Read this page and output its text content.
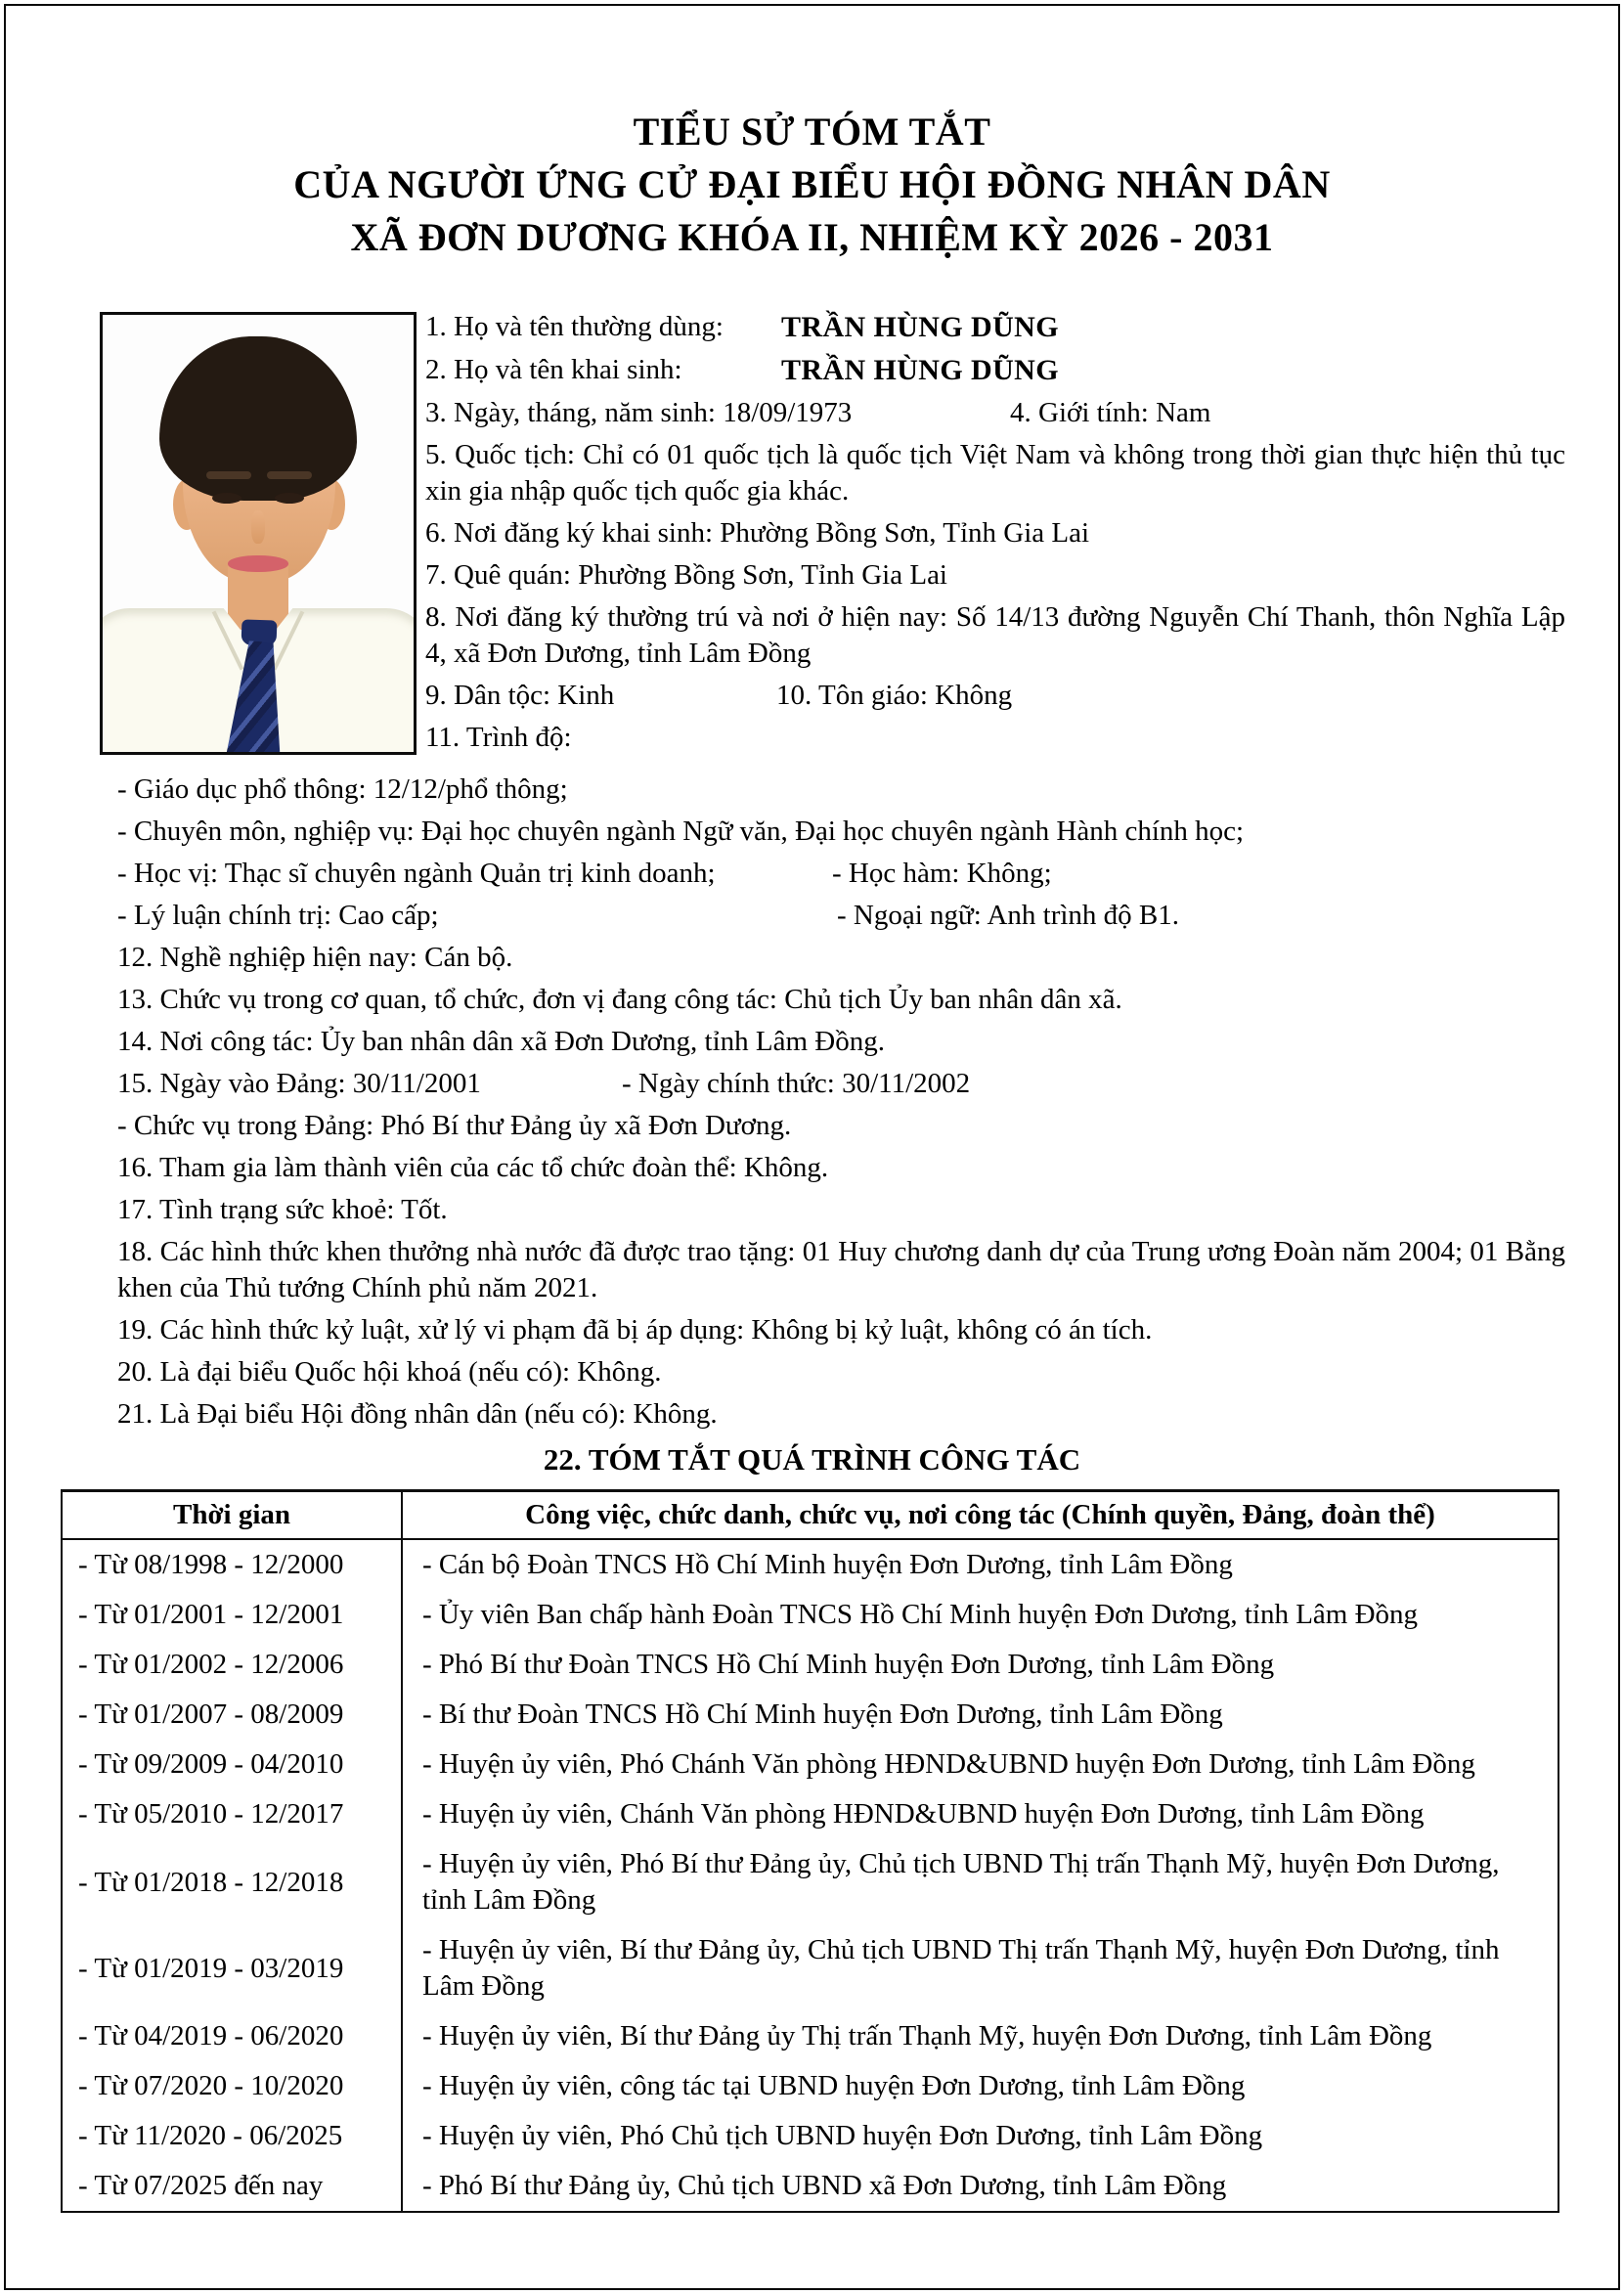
TIỂU SỬ TÓM TẮT
CỦA NGƯỜI ỨNG CỬ ĐẠI BIỂU HỘI ĐỒNG NHÂN DÂN
XÃ ĐƠN DƯƠNG KHÓA II, NHIỆM KỲ 2026 - 2031

1. Họ và tên thường dùng: TRẦN HÙNG DŨNG

2. Họ và tên khai sinh:	TRẦN HÙNG DŨNG

3. Ngày, tháng, năm sinh: 18/09/1973	4. Giới tính: Nam

5. Quốc tịch: Chỉ có 01 quốc tịch là quốc tịch Việt Nam và không trong thời gian thực hiện thủ tục xin gia nhập quốc tịch quốc gia khác.

6. Nơi đăng ký khai sinh: Phường Bồng Sơn, Tỉnh Gia Lai

7. Quê quán: Phường Bồng Sơn, Tỉnh Gia Lai

8. Nơi đăng ký thường trú và nơi ở hiện nay: Số 14/13 đường Nguyễn Chí Thanh, thôn Nghĩa Lập 4, xã Đơn Dương, tỉnh Lâm Đồng

9. Dân tộc: Kinh	10. Tôn giáo: Không

11. Trình độ:

- Giáo dục phổ thông: 12/12/phổ thông;

- Chuyên môn, nghiệp vụ: Đại học chuyên ngành Ngữ văn, Đại học chuyên ngành Hành chính học;

- Học vị: Thạc sĩ chuyên ngành Quản trị kinh doanh;	- Học hàm: Không;

- Lý luận chính trị: Cao cấp;	- Ngoại ngữ: Anh trình độ B1.

12. Nghề nghiệp hiện nay: Cán bộ.

13. Chức vụ trong cơ quan, tổ chức, đơn vị đang công tác: Chủ tịch Ủy ban nhân dân xã.

14. Nơi công tác: Ủy ban nhân dân xã Đơn Dương, tỉnh Lâm Đồng.

15. Ngày vào Đảng: 30/11/2001	- Ngày chính thức: 30/11/2002

- Chức vụ trong Đảng: Phó Bí thư Đảng ủy xã Đơn Dương.

16. Tham gia làm thành viên của các tổ chức đoàn thể: Không.

17. Tình trạng sức khoẻ: Tốt.

18. Các hình thức khen thưởng nhà nước đã được trao tặng: 01 Huy chương danh dự của Trung ương Đoàn năm 2004; 01 Bằng khen của Thủ tướng Chính phủ năm 2021.

19. Các hình thức kỷ luật, xử lý vi phạm đã bị áp dụng: Không bị kỷ luật, không có án tích.

20. Là đại biểu Quốc hội khoá (nếu có): Không.

21. Là Đại biểu Hội đồng nhân dân (nếu có): Không.

22. TÓM TẮT QUÁ TRÌNH CÔNG TÁC
Thời gian	Công việc, chức danh, chức vụ, nơi công tác (Chính quyền, Đảng, đoàn thể)
- Từ 08/1998 - 12/2000	- Cán bộ Đoàn TNCS Hồ Chí Minh huyện Đơn Dương, tỉnh Lâm Đồng
- Từ 01/2001 - 12/2001	- Ủy viên Ban chấp hành Đoàn TNCS Hồ Chí Minh huyện Đơn Dương, tỉnh Lâm Đồng
- Từ 01/2002 - 12/2006	- Phó Bí thư Đoàn TNCS Hồ Chí Minh huyện Đơn Dương, tỉnh Lâm Đồng
- Từ 01/2007 - 08/2009	- Bí thư Đoàn TNCS Hồ Chí Minh huyện Đơn Dương, tỉnh Lâm Đồng
- Từ 09/2009 - 04/2010	- Huyện ủy viên, Phó Chánh Văn phòng HĐND&UBND huyện Đơn Dương, tỉnh Lâm Đồng
- Từ 05/2010 - 12/2017	- Huyện ủy viên, Chánh Văn phòng HĐND&UBND huyện Đơn Dương, tỉnh Lâm Đồng
- Từ 01/2018 - 12/2018	- Huyện ủy viên, Phó Bí thư Đảng ủy, Chủ tịch UBND Thị trấn Thạnh Mỹ, huyện Đơn Dương, tỉnh Lâm Đồng
- Từ 01/2019 - 03/2019	- Huyện ủy viên, Bí thư Đảng ủy, Chủ tịch UBND Thị trấn Thạnh Mỹ, huyện Đơn Dương, tỉnh Lâm Đồng
- Từ 04/2019 - 06/2020	- Huyện ủy viên, Bí thư Đảng ủy Thị trấn Thạnh Mỹ, huyện Đơn Dương, tỉnh Lâm Đồng
- Từ 07/2020 - 10/2020	- Huyện ủy viên, công tác tại UBND huyện Đơn Dương, tỉnh Lâm Đồng
- Từ 11/2020 - 06/2025	- Huyện ủy viên, Phó Chủ tịch UBND huyện Đơn Dương, tỉnh Lâm Đồng
- Từ 07/2025 đến nay	- Phó Bí thư Đảng ủy, Chủ tịch UBND xã Đơn Dương, tỉnh Lâm Đồng
